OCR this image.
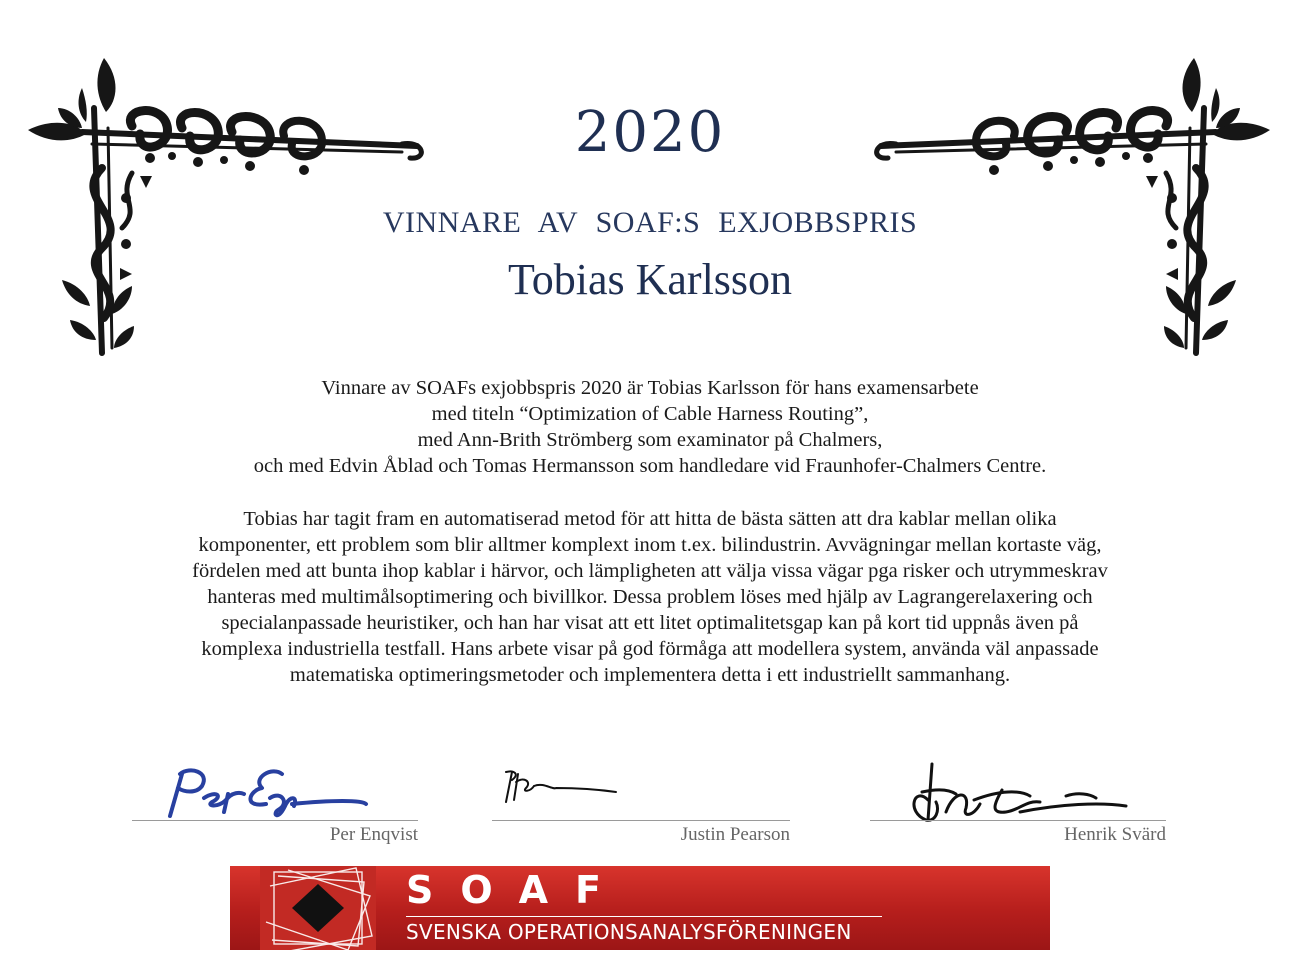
2020
VINNARE AV SOAF:S EXJOBBSPRIS
Tobias Karlsson
Vinnare av SOAFs exjobbspris 2020 är Tobias Karlsson för hans examensarbete
med titeln “Optimization of Cable Harness Routing”,
med Ann-Brith Strömberg som examinator på Chalmers,
och med Edvin Åblad och Tomas Hermansson som handledare vid Fraunhofer-Chalmers Centre.
Tobias har tagit fram en automatiserad metod för att hitta de bästa sätten att dra kablar mellan olika
komponenter, ett problem som blir alltmer komplext inom t.ex. bilindustrin. Avvägningar mellan kortaste väg,
fördelen med att bunta ihop kablar i härvor, och lämpligheten att välja vissa vägar pga risker och utrymmeskrav
hanteras med multimålsoptimering och bivillkor. Dessa problem löses med hjälp av Lagrangerelaxering och
specialanpassade heuristiker, och han har visat att ett litet optimalitetsgap kan på kort tid uppnås även på
komplexa industriella testfall. Hans arbete visar på god förmåga att modellera system, använda väl anpassade
matematiska optimeringsmetoder och implementera detta i ett industriellt sammanhang.
Per Enqvist	Justin Pearson	Henrik Svärd
SOAF
SVENSKA OPERATIONSANALYSFÖRENINGEN
